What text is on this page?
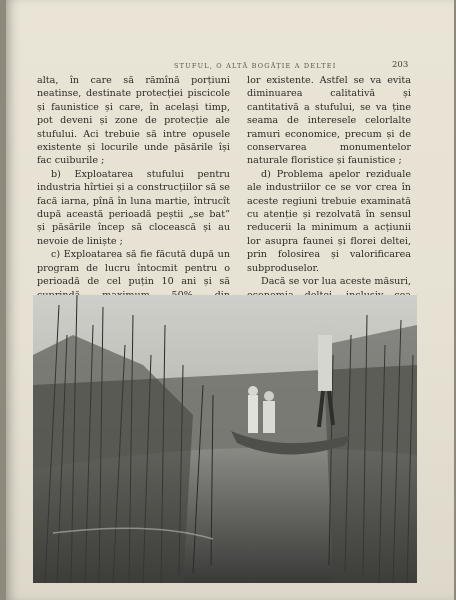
STUFUL, O ALTĂ BOGĂȚIE A DELTEI	203

alta, în care să rămînă porțiuni neatinse, destinate protecției piscicole și faunistice și care, în același timp, pot deveni și zone de protecție ale stufului. Aci trebuie să intre opusele existente și locurile unde păsările își fac cuiburile ;

b) Exploatarea stufului pentru industria hîrtiei și a construcțiilor să se facă iarna, pînă în luna martie, întrucît după această perioadă peștii „se bat” și păsările încep să clocească și au nevoie de liniște ;

c) Exploatarea să fie făcută după un program de lucru întocmit pentru o perioadă de cel puțin 10 ani și să

lor existente. Astfel se va evita diminuarea calitativă și cantitativă a stufului, se va ține seama de interesele celorlalte ramuri economice, precum și de conservarea monumentelor naturale floristice și faunistice ;

d) Problema apelor reziduale ale industriilor ce se vor crea în aceste regiuni trebuie examinată cu atenție și rezolvată în sensul reducerii la minimum a acțiunii lor asupra faunei și florei deltei, prin folosirea și valorificarea subproduselor.

Dacă se vor lua aceste măsuri,
